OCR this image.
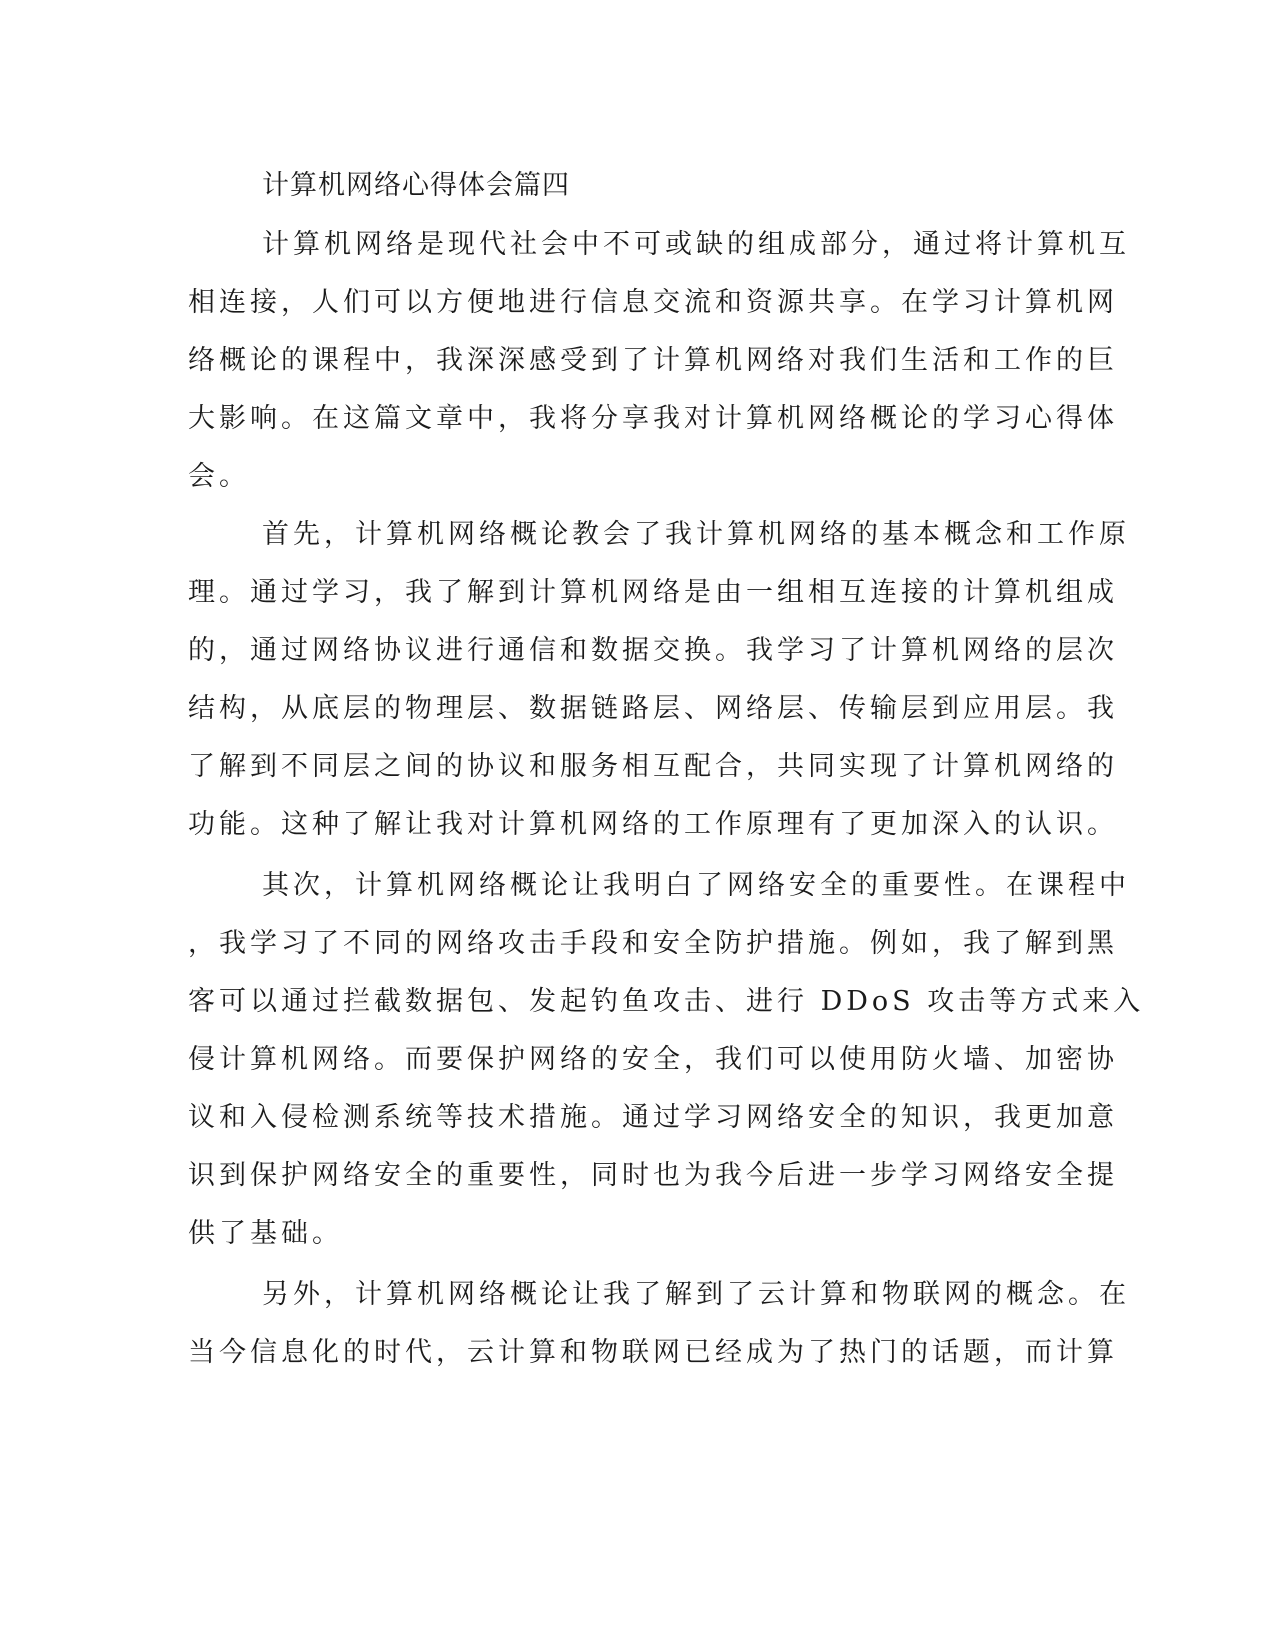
计算机网络心得体会篇四
计算机网络是现代社会中不可或缺的组成部分，通过将计算机互
相连接，人们可以方便地进行信息交流和资源共享。在学习计算机网
络概论的课程中，我深深感受到了计算机网络对我们生活和工作的巨
大影响。在这篇文章中，我将分享我对计算机网络概论的学习心得体
会。
首先，计算机网络概论教会了我计算机网络的基本概念和工作原
理。通过学习，我了解到计算机网络是由一组相互连接的计算机组成
的，通过网络协议进行通信和数据交换。我学习了计算机网络的层次
结构，从底层的物理层、数据链路层、网络层、传输层到应用层。我
了解到不同层之间的协议和服务相互配合，共同实现了计算机网络的
功能。这种了解让我对计算机网络的工作原理有了更加深入的认识。
其次，计算机网络概论让我明白了网络安全的重要性。在课程中
，我学习了不同的网络攻击手段和安全防护措施。例如，我了解到黑
客可以通过拦截数据包、发起钓鱼攻击、进行 DDoS 攻击等方式来入
侵计算机网络。而要保护网络的安全，我们可以使用防火墙、加密协
议和入侵检测系统等技术措施。通过学习网络安全的知识，我更加意
识到保护网络安全的重要性，同时也为我今后进一步学习网络安全提
供了基础。
另外，计算机网络概论让我了解到了云计算和物联网的概念。在
当今信息化的时代，云计算和物联网已经成为了热门的话题，而计算
